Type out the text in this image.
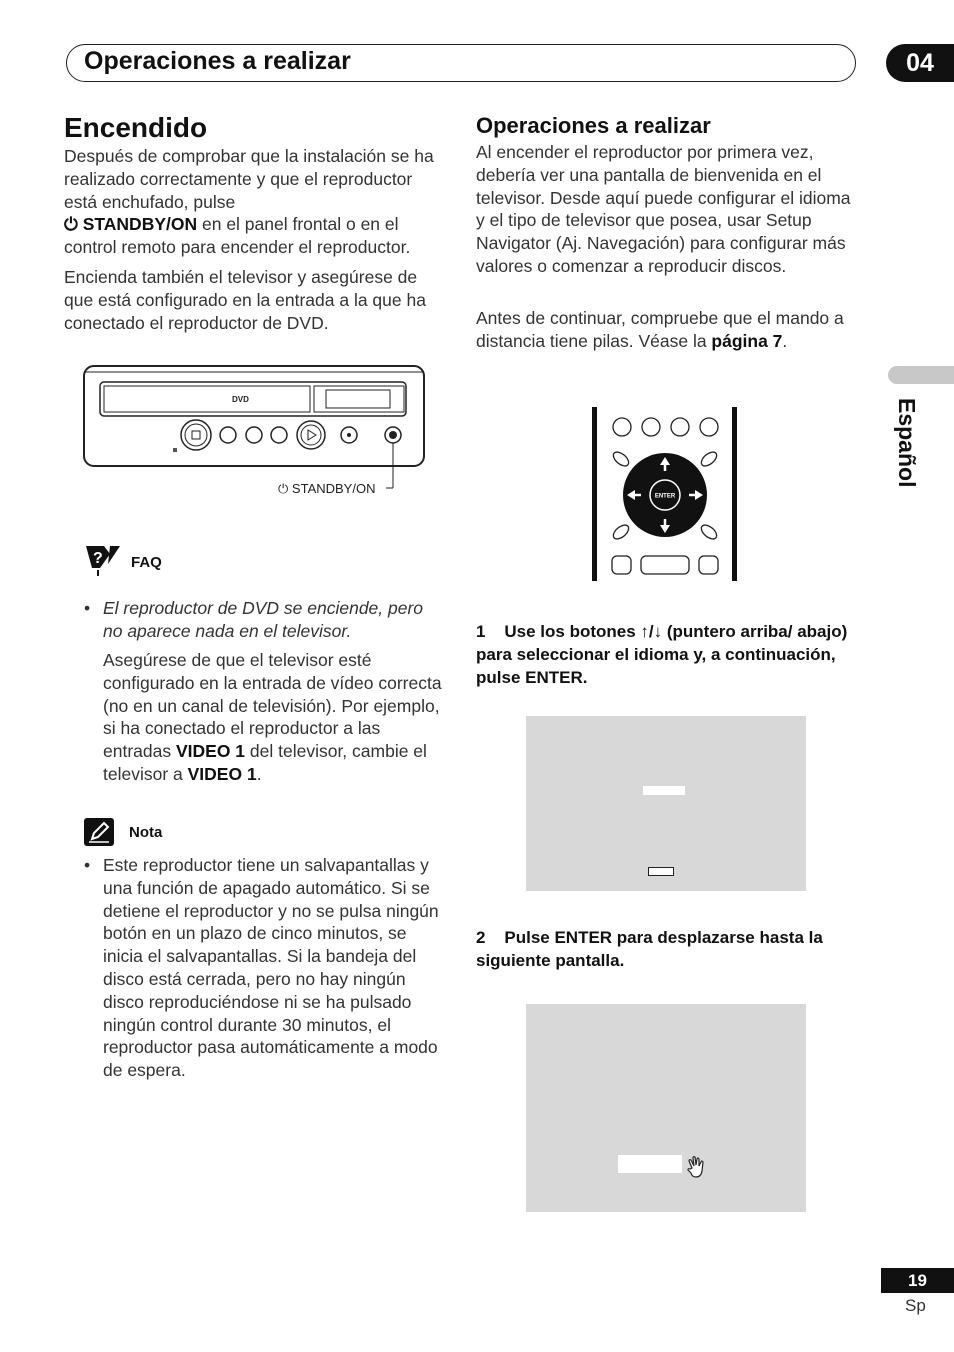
Operaciones a realizar	04
Español
Encendido
Después de comprobar que la instalación se ha realizado correctamente y que el reproductor está enchufado, pulse
⏻ STANDBY/ON en el panel frontal o en el control remoto para encender el reproductor.
Encienda también el televisor y asegúrese de que está configurado en la entrada a la que ha conectado el reproductor de DVD.
DVD
⏻ STANDBY/ON
? FAQ
• El reproductor de DVD se enciende, pero no aparece nada en el televisor.
Asegúrese de que el televisor esté configurado en la entrada de vídeo correcta (no en un canal de televisión). Por ejemplo, si ha conectado el reproductor a las entradas VIDEO 1 del televisor, cambie el televisor a VIDEO 1.
Nota
• Este reproductor tiene un salvapantallas y una función de apagado automático. Si se detiene el reproductor y no se pulsa ningún botón en un plazo de cinco minutos, se inicia el salvapantallas. Si la bandeja del disco está cerrada, pero no hay ningún disco reproduciéndose ni se ha pulsado ningún control durante 30 minutos, el reproductor pasa automáticamente a modo de espera.
Operaciones a realizar
Al encender el reproductor por primera vez, debería ver una pantalla de bienvenida en el televisor. Desde aquí puede configurar el idioma y el tipo de televisor que posea, usar Setup Navigator (Aj. Navegación) para configurar más valores o comenzar a reproducir discos.
Antes de continuar, compruebe que el mando a distancia tiene pilas. Véase la página 7.
ENTER
1 Use los botones ↑/↓ (puntero arriba/ abajo) para seleccionar el idioma y, a continuación, pulse ENTER.
2 Pulse ENTER para desplazarse hasta la siguiente pantalla.
19
Sp
